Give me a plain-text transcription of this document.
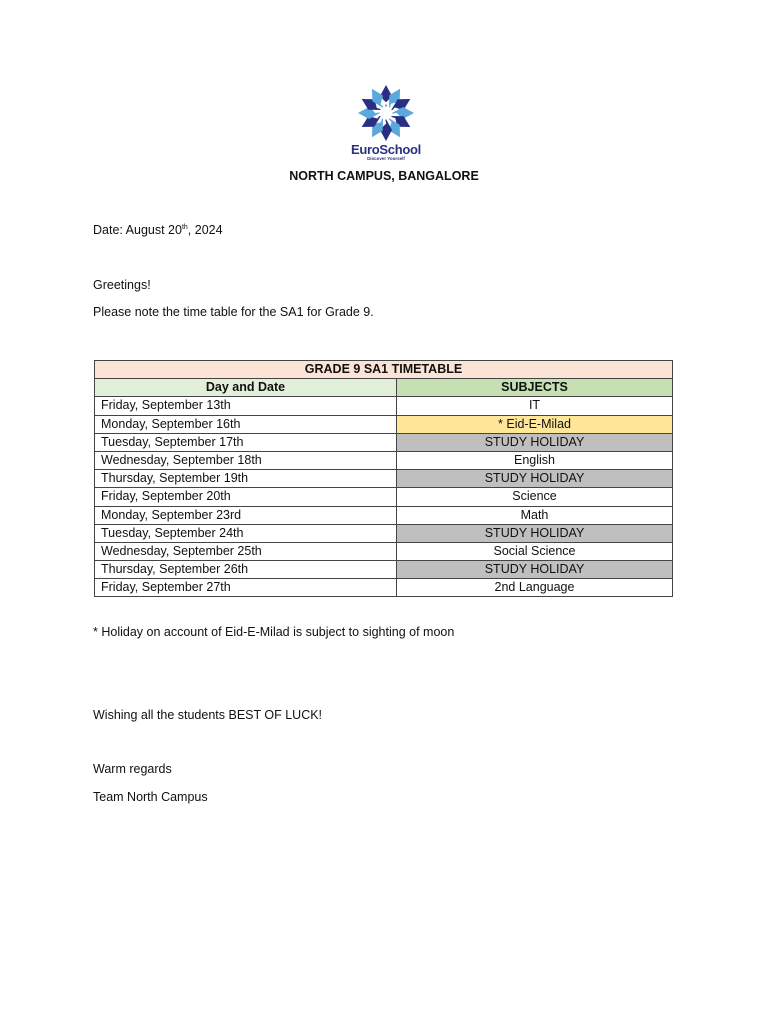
EuroSchool
Discover Yourself
NORTH CAMPUS, BANGALORE
Date: August 20th, 2024
Greetings!
Please note the time table for the SA1 for Grade 9.
GRADE 9 SA1 TIMETABLE	
Day and Date	SUBJECTS
Friday, September 13th	IT
Monday, September 16th	* Eid-E-Milad
Tuesday, September 17th	STUDY HOLIDAY
Wednesday, September 18th	English
Thursday, September 19th	STUDY HOLIDAY
Friday, September 20th	Science
Monday, September 23rd	Math
Tuesday, September 24th	STUDY HOLIDAY
Wednesday, September 25th	Social Science
Thursday, September 26th	STUDY HOLIDAY
Friday, September 27th	2nd Language
* Holiday on account of Eid-E-Milad is subject to sighting of moon
Wishing all the students BEST OF LUCK!
Warm regards
Team North Campus
